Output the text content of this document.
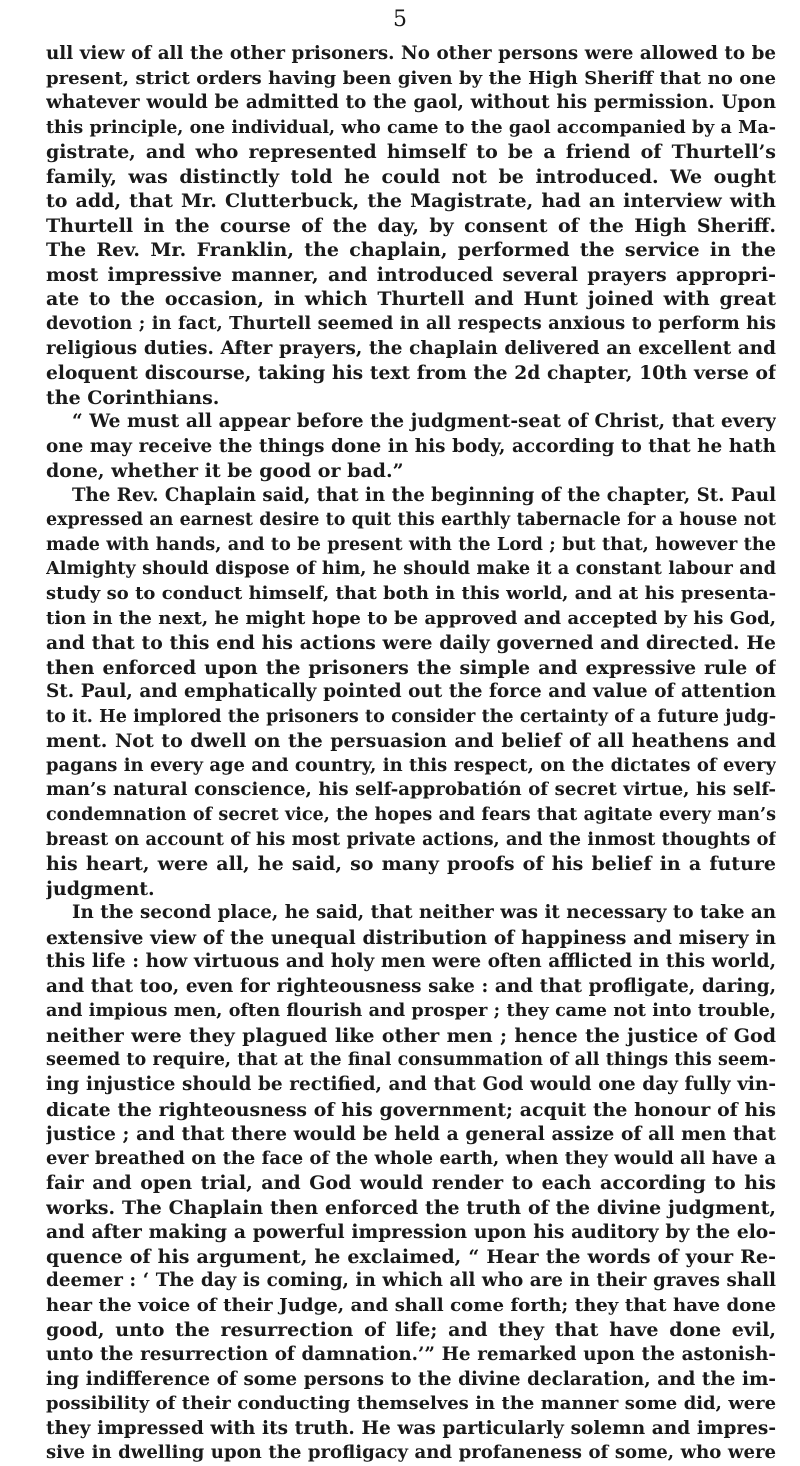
5
ull view of all the other prisoners. No other persons were allowed to be
present, strict orders having been given by the High Sheriff that no one
whatever would be admitted to the gaol, without his permission. Upon
this principle, one individual, who came to the gaol accompanied by a Ma-
gistrate, and who represented himself to be a friend of Thurtell’s
family, was distinctly told he could not be introduced. We ought
to add, that Mr. Clutterbuck, the Magistrate, had an interview with
Thurtell in the course of the day, by consent of the High Sheriff.
The Rev. Mr. Franklin, the chaplain, performed the service in the
most impressive manner, and introduced several prayers appropri-
ate to the occasion, in which Thurtell and Hunt joined with great
devotion ; in fact, Thurtell seemed in all respects anxious to perform his
religious duties. After prayers, the chaplain delivered an excellent and
eloquent discourse, taking his text from the 2d chapter, 10th verse of
the Corinthians.
“ We must all appear before the judgment-seat of Christ, that every
one may receive the things done in his body, according to that he hath
done, whether it be good or bad.”
The Rev. Chaplain said, that in the beginning of the chapter, St. Paul
expressed an earnest desire to quit this earthly tabernacle for a house not
made with hands, and to be present with the Lord ; but that, however the
Almighty should dispose of him, he should make it a constant labour and
study so to conduct himself, that both in this world, and at his presenta-
tion in the next, he might hope to be approved and accepted by his God,
and that to this end his actions were daily governed and directed. He
then enforced upon the prisoners the simple and expressive rule of
St. Paul, and emphatically pointed out the force and value of attention
to it. He implored the prisoners to consider the certainty of a future judg-
ment. Not to dwell on the persuasion and belief of all heathens and
pagans in every age and country, in this respect, on the dictates of every
man’s natural conscience, his self-approbatión of secret virtue, his self-
condemnation of secret vice, the hopes and fears that agitate every man’s
breast on account of his most private actions, and the inmost thoughts of
his heart, were all, he said, so many proofs of his belief in a future
judgment.
In the second place, he said, that neither was it necessary to take an
extensive view of the unequal distribution of happiness and misery in
this life : how virtuous and holy men were often afflicted in this world,
and that too, even for righteousness sake : and that profligate, daring,
and impious men, often flourish and prosper ; they came not into trouble,
neither were they plagued like other men ; hence the justice of God
seemed to require, that at the final consummation of all things this seem-
ing injustice should be rectified, and that God would one day fully vin-
dicate the righteousness of his government; acquit the honour of his
justice ; and that there would be held a general assize of all men that
ever breathed on the face of the whole earth, when they would all have a
fair and open trial, and God would render to each according to his
works. The Chaplain then enforced the truth of the divine judgment,
and after making a powerful impression upon his auditory by the elo-
quence of his argument, he exclaimed, “ Hear the words of your Re-
deemer : ‘ The day is coming, in which all who are in their graves shall
hear the voice of their Judge, and shall come forth; they that have done
good, unto the resurrection of life; and they that have done evil,
unto the resurrection of damnation.’” He remarked upon the astonish-
ing indifference of some persons to the divine declaration, and the im-
possibility of their conducting themselves in the manner some did, were
they impressed with its truth. He was particularly solemn and impres-
sive in dwelling upon the profligacy and profaneness of some, who were
